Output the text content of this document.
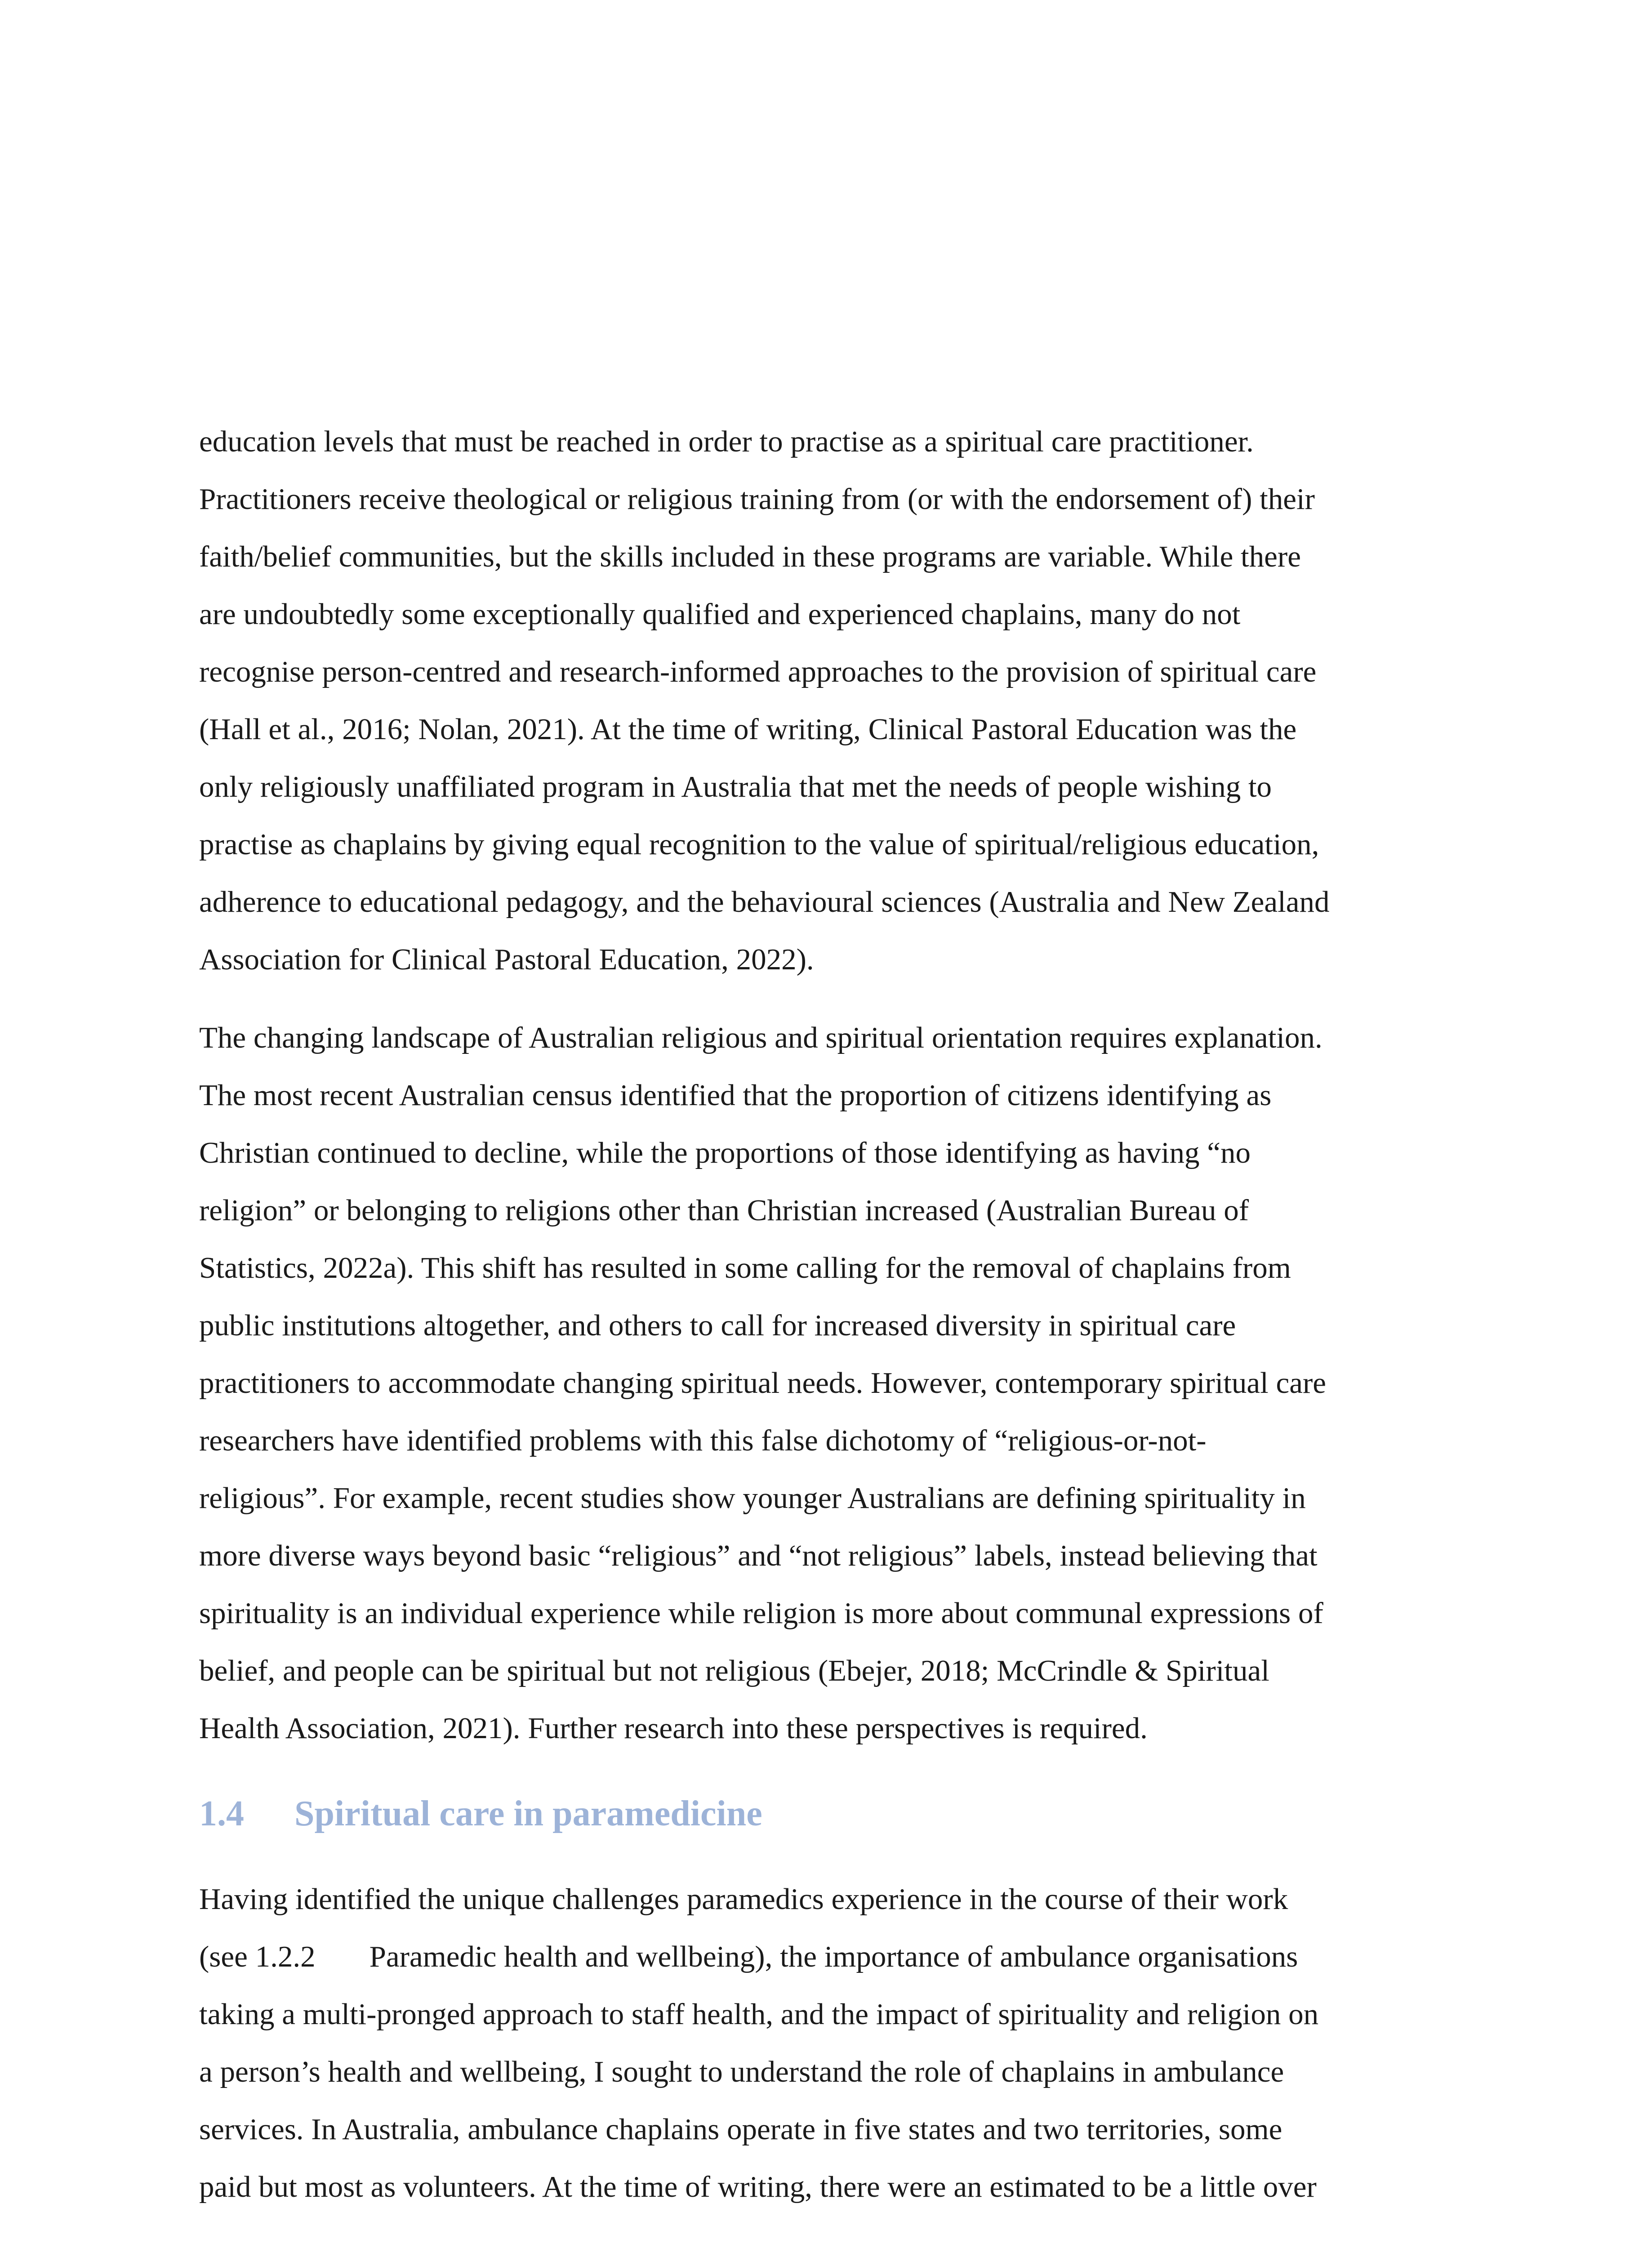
education levels that must be reached in order to practise as a spiritual care practitioner.
Practitioners receive theological or religious training from (or with the endorsement of) their
faith/belief communities, but the skills included in these programs are variable. While there
are undoubtedly some exceptionally qualified and experienced chaplains, many do not
recognise person-centred and research-informed approaches to the provision of spiritual care
(Hall et al., 2016; Nolan, 2021). At the time of writing, Clinical Pastoral Education was the
only religiously unaffiliated program in Australia that met the needs of people wishing to
practise as chaplains by giving equal recognition to the value of spiritual/religious education,
adherence to educational pedagogy, and the behavioural sciences (Australia and New Zealand
Association for Clinical Pastoral Education, 2022).

The changing landscape of Australian religious and spiritual orientation requires explanation.
The most recent Australian census identified that the proportion of citizens identifying as
Christian continued to decline, while the proportions of those identifying as having “no
religion” or belonging to religions other than Christian increased (Australian Bureau of
Statistics, 2022a). This shift has resulted in some calling for the removal of chaplains from
public institutions altogether, and others to call for increased diversity in spiritual care
practitioners to accommodate changing spiritual needs. However, contemporary spiritual care
researchers have identified problems with this false dichotomy of “religious-or-not-
religious”. For example, recent studies show younger Australians are defining spirituality in
more diverse ways beyond basic “religious” and “not religious” labels, instead believing that
spirituality is an individual experience while religion is more about communal expressions of
belief, and people can be spiritual but not religious (Ebejer, 2018; McCrindle & Spiritual
Health Association, 2021). Further research into these perspectives is required.

1.4 Spiritual care in paramedicine

Having identified the unique challenges paramedics experience in the course of their work
(see 1.2.2 Paramedic health and wellbeing), the importance of ambulance organisations
taking a multi-pronged approach to staff health, and the impact of spirituality and religion on
a person’s health and wellbeing, I sought to understand the role of chaplains in ambulance
services. In Australia, ambulance chaplains operate in five states and two territories, some
paid but most as volunteers. At the time of writing, there were an estimated to be a little over
